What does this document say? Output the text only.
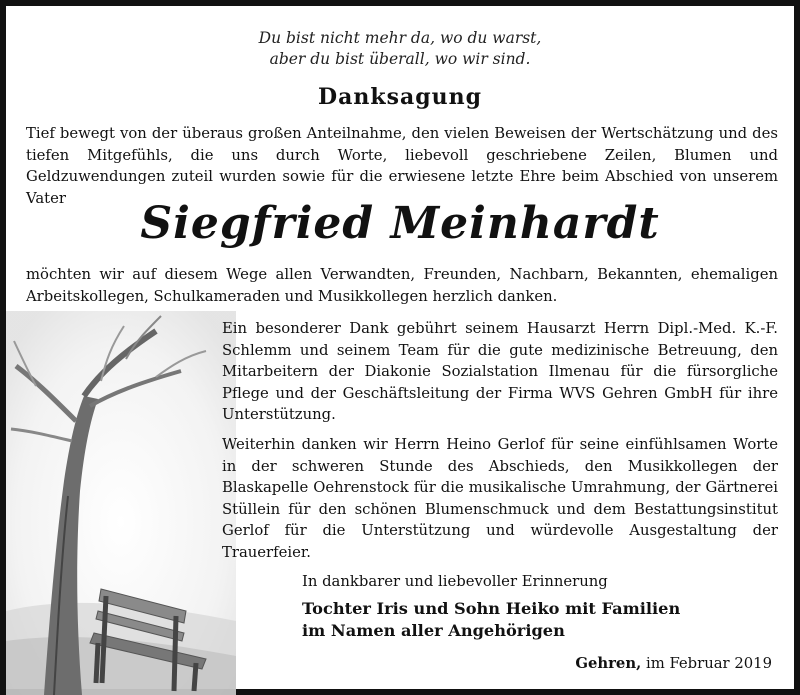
Du bist nicht mehr da, wo du warst,
aber du bist überall, wo wir sind.
Danksagung
Tief bewegt von der überaus großen Anteilnahme, den vielen Beweisen der Wertschätzung und des tiefen Mitgefühls, die uns durch Worte, liebevoll geschriebene Zeilen, Blumen und Geldzuwendungen zuteil wurden sowie für die erwiesene letzte Ehre beim Abschied von unserem Vater	Siegfried Meinhardt
möchten wir auf diesem Wege allen Verwandten, Freunden, Nachbarn, Bekannten, ehemaligen Arbeitskollegen, Schulkameraden und Musikkollegen herzlich danken.
Ein besonderer Dank gebührt seinem Hausarzt Herrn Dipl.-Med. K.-F. Schlemm und seinem Team für die gute medizinische Betreuung, den Mitarbeitern der Diakonie Sozialstation Ilmenau für die fürsorgliche Pflege und der Geschäftsleitung der Firma WVS Gehren GmbH für ihre Unterstützung.
Weiterhin danken wir Herrn Heino Gerlof für seine einfühlsamen Worte in der schweren Stunde des Abschieds, den Musikkollegen der Blaskapelle Oehrenstock für die musikalische Umrahmung, der Gärtnerei Stüllein für den schönen Blumenschmuck und dem Bestattungsinstitut Gerlof für die Unterstützung und würdevolle Ausgestaltung der Trauerfeier.
In dankbarer und liebevoller Erinnerung
Tochter Iris und Sohn Heiko mit Familien
im Namen aller Angehörigen
Gehren, im Februar 2019
